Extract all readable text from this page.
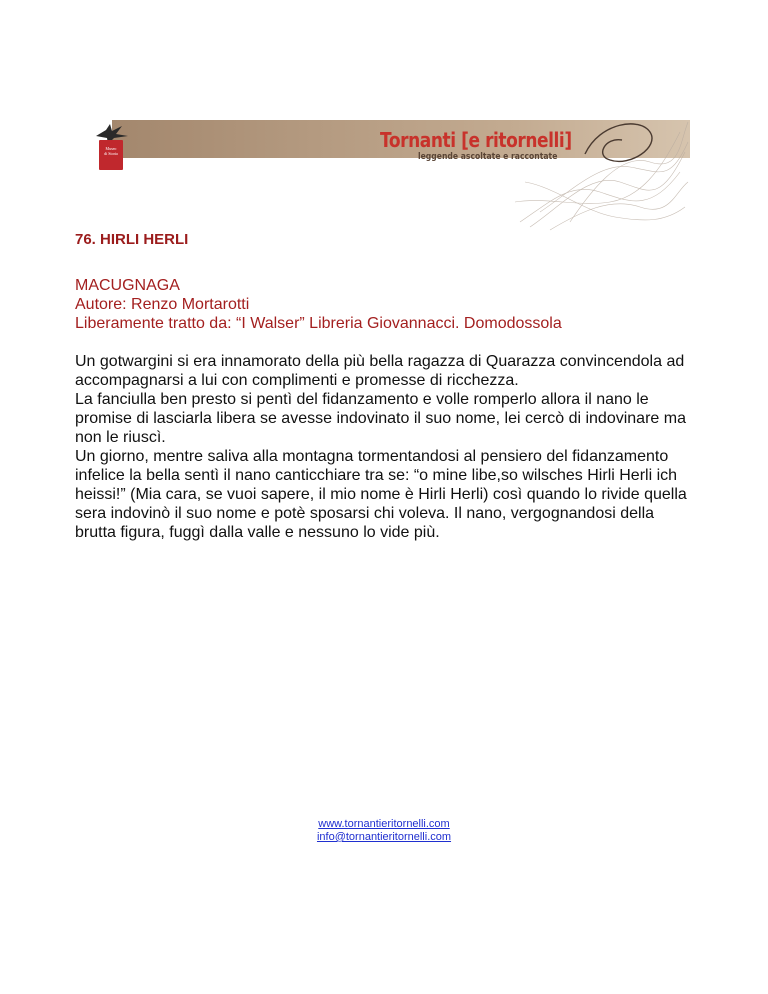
Museo
di Storia
Tornanti [e ritornelli]
leggende ascoltate e raccontate
76. HIRLI HERLI
MACUGNAGA
Autore: Renzo Mortarotti
Liberamente tratto da: “I Walser” Libreria Giovannacci. Domodossola
Un gotwargini si era innamorato della più bella ragazza di Quarazza convincendola ad accompagnarsi a lui con complimenti e promesse di ricchezza.
La fanciulla ben presto si pentì del fidanzamento e volle romperlo allora il nano le promise di lasciarla libera se avesse indovinato il suo nome, lei cercò di indovinare ma non le riuscì.
Un giorno, mentre saliva alla montagna tormentandosi al pensiero del fidanzamento infelice la bella sentì il nano canticchiare tra se: “o mine libe,so wilsches Hirli Herli ich heissi!” (Mia cara, se vuoi sapere, il mio nome è Hirli Herli) così quando lo rivide quella sera indovinò il suo nome e potè sposarsi chi voleva. Il nano, vergognandosi della brutta figura, fuggì dalla valle e nessuno lo vide più.
www.tornantieritornelli.com
info@tornantieritornelli.com
